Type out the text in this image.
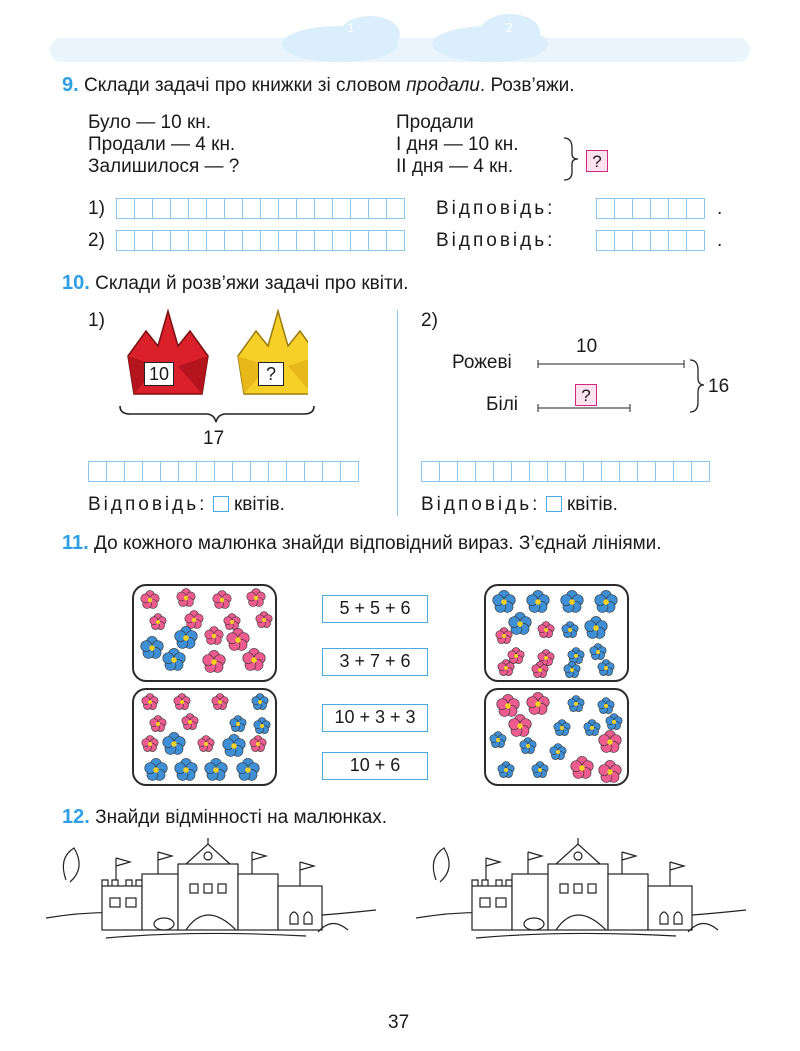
7	5	3	1	0	2	4	6	8
9. Склади задачі про книжки зі словом продали. Розв’яжи.
Було — 10 кн.
Продали — 4 кн.
Залишилося — ?
Продали
І дня — 10 кн.
ІІ дня — 4 кн.	?
1)	Відповідь:	.
2)	Відповідь:	.
10. Склади й розв’яжи задачі про квіти.
1)
10	?
17
Відповідь: квітів.
2)
Рожеві
10
Білі	?	16
Відповідь: квітів.
11. До кожного малюнка знайди відповідний вираз. З’єднай лініями.
5 + 5 + 6
3 + 7 + 6
10 + 3 + 3
10 + 6
12. Знайди відмінності на малюнках.
37
